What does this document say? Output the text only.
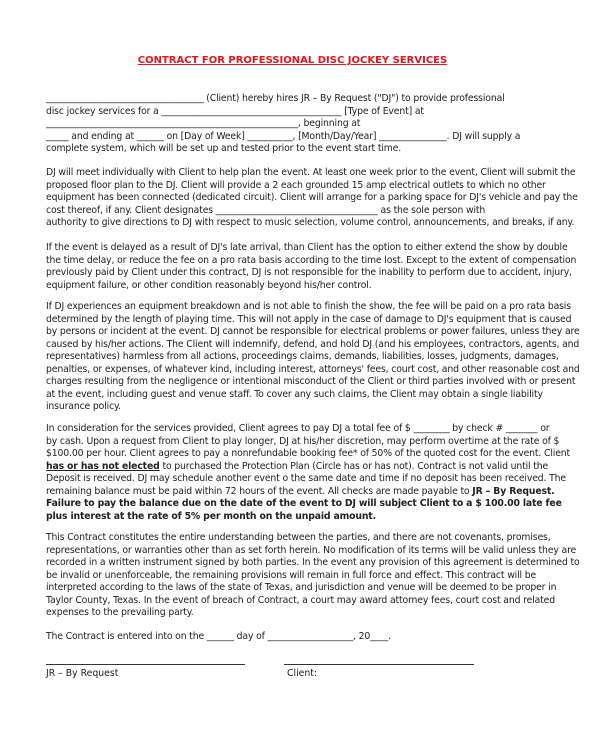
CONTRACT FOR PROFESSIONAL DISC JOCKEY SERVICES
___________________________________ (Client) hereby hires JR – By Request ("DJ") to provide professional
disc jockey services for a ________________________________________ [Type of Event] at
________________________________________________________, beginning at
_____ and ending at ______ on [Day of Week] __________, [Month/Day/Year] _______________. DJ will supply a
complete system, which will be set up and tested prior to the event start time.
DJ will meet individually with Client to help plan the event. At least one week prior to the event, Client will submit the
proposed floor plan to the DJ. Client will provide a 2 each grounded 15 amp electrical outlets to which no other
equipment has been connected (dedicated circuit). Client will arrange for a parking space for DJ's vehicle and pay the
cost thereof, if any. Client designates ____________________________________ as the sole person with
authority to give directions to DJ with respect to music selection, volume control, announcements, and breaks, if any.
If the event is delayed as a result of DJ's late arrival, than Client has the option to either extend the show by double
the time delay, or reduce the fee on a pro rata basis according to the time lost. Except to the extent of compensation
previously paid by Client under this contract, DJ is not responsible for the inability to perform due to accident, injury,
equipment failure, or other condition reasonably beyond his/her control.
If DJ experiences an equipment breakdown and is not able to finish the show, the fee will be paid on a pro rata basis
determined by the length of playing time. This will not apply in the case of damage to DJ's equipment that is caused
by persons or incident at the event. DJ cannot be responsible for electrical problems or power failures, unless they are
caused by his/her actions. The Client will indemnify, defend, and hold DJ (and his employees, contractors, agents, and
representatives) harmless from all actions, proceedings claims, demands, liabilities, losses, judgments, damages,
penalties, or expenses, of whatever kind, including interest, attorneys' fees, court cost, and other reasonable cost and
charges resulting from the negligence or intentional misconduct of the Client or third parties involved with or present
at the event, including guest and venue staff. To cover any such claims, the Client may obtain a single liability
insurance policy.
In consideration for the services provided, Client agrees to pay DJ a total fee of $ ________ by check # _______ or
by cash. Upon a request from Client to play longer, DJ at his/her discretion, may perform overtime at the rate of $
$100.00 per hour. Client agrees to pay a nonrefundable booking fee* of 50% of the quoted cost for the event. Client
has or has not elected to purchased the Protection Plan (Circle has or has not). Contract is not valid until the
Deposit is received. DJ may schedule another event o the same date and time if no deposit has been received. The
remaining balance must be paid within 72 hours of the event. All checks are made payable to JR – By Request.
Failure to pay the balance due on the date of the event to DJ will subject Client to a $ 100.00 late fee
plus interest at the rate of 5% per month on the unpaid amount.
This Contract constitutes the entire understanding between the parties, and there are not covenants, promises,
representations, or warranties other than as set forth herein. No modification of its terms will be valid unless they are
recorded in a written instrument signed by both parties. In the event any provision of this agreement is determined to
be invalid or unenforceable, the remaining provisions will remain in full force and effect. This contract will be
interpreted according to the laws of the state of Texas, and jurisdiction and venue will be deemed to be proper in
Taylor County, Texas. In the event of breach of Contract, a court may award attorney fees, court cost and related
expenses to the prevailing party.
The Contract is entered into on the ______ day of ___________________, 20____.
JR – By Request	Client:
